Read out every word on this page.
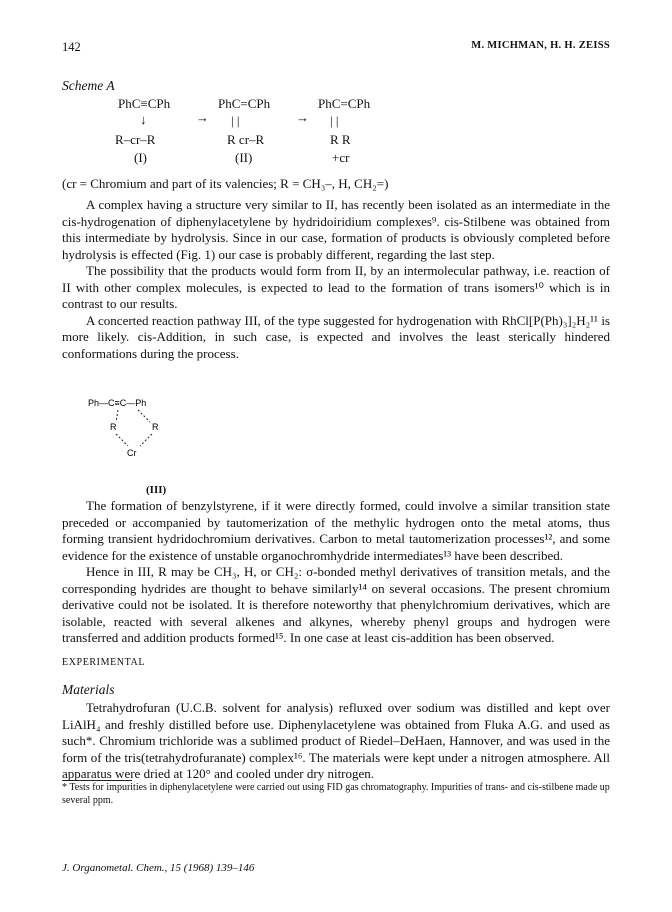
142	M. MICHMAN, H. H. ZEISS
Scheme A
PhC≡CPh
↓
R–cr–R
(I)
→
PhC=CPh
| |
R cr–R
(II)
→
PhC=CPh
| |
R R
+cr
(cr = Chromium and part of its valencies; R = CH₃–, H, CH₂=)

A complex having a structure very similar to II, has recently been isolated as an intermediate in the cis-hydrogenation of diphenylacetylene by hydridoiridium complexes⁹. cis-Stilbene was obtained from this intermediate by hydrolysis. Since in our case, formation of products is obviously completed before hydrolysis is effected (Fig. 1) our case is probably different, regarding the last step.

The possibility that the products would form from II, by an intermolecular pathway, i.e. reaction of II with other complex molecules, is expected to lead to the formation of trans isomers¹⁰ which is in contrast to our results.

A concerted reaction pathway III, of the type suggested for hydrogenation with RhCl[P(Ph)₃]₂H₂¹¹ is more likely. cis-Addition, in such case, is expected and involves the least sterically hindered conformations during the process.

Ph—C≡C—Ph
R	R
Cr
(III)

The formation of benzylstyrene, if it were directly formed, could involve a similar transition state preceded or accompanied by tautomerization of the methylic hydrogen onto the metal atoms, thus forming transient hydridochromium derivatives. Carbon to metal tautomerization processes¹², and some evidence for the existence of unstable organochromhydride intermediates¹³ have been described.

Hence in III, R may be CH₃, H, or CH₂: σ-bonded methyl derivatives of transition metals, and the corresponding hydrides are thought to behave similarly¹⁴ on several occasions. The present chromium derivative could not be isolated. It is therefore noteworthy that phenylchromium derivatives, which are isolable, reacted with several alkenes and alkynes, whereby phenyl groups and hydrogen were transferred and addition products formed¹⁵. In one case at least cis-addition has been observed.

EXPERIMENTAL
Materials

Tetrahydrofuran (U.C.B. solvent for analysis) refluxed over sodium was distilled and kept over LiAlH₄ and freshly distilled before use. Diphenylacetylene was obtained from Fluka A.G. and used as such*. Chromium trichloride was a sublimed product of Riedel–DeHaen, Hannover, and was used in the form of the tris(tetrahydrofuranate) complex¹⁶. The materials were kept under a nitrogen atmosphere. All apparatus were dried at 120° and cooled under dry nitrogen.

* Tests for impurities in diphenylacetylene were carried out using FID gas chromatography. Impurities of trans- and cis-stilbene made up several ppm.
J. Organometal. Chem., 15 (1968) 139–146
